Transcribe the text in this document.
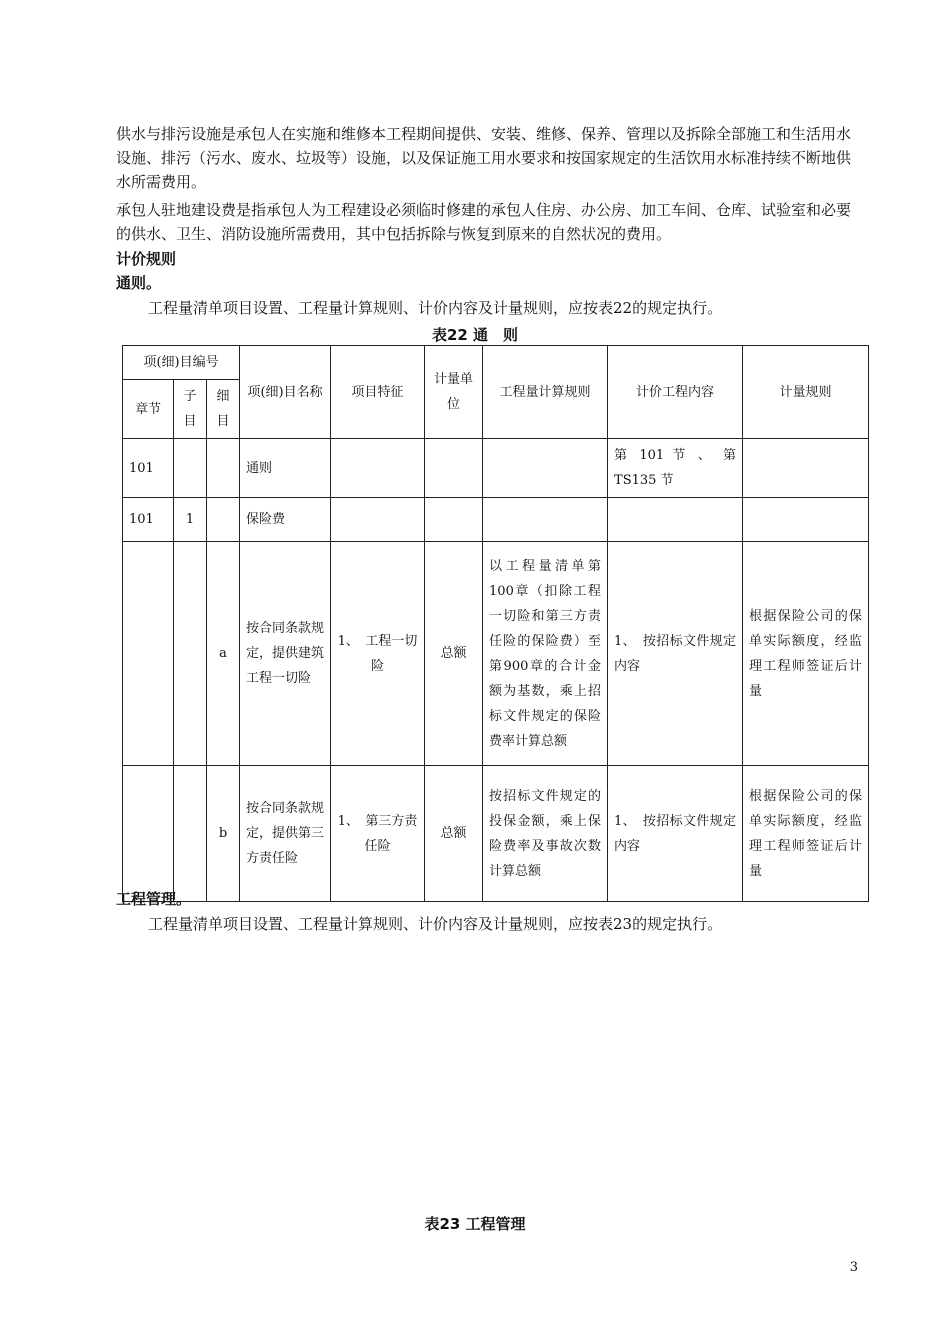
供水与排污设施是承包人在实施和维修本工程期间提供、安装、维修、保养、管理以及拆除全部施工和生活用水设施、排污（污水、废水、垃圾等）设施，以及保证施工用水要求和按国家规定的生活饮用水标准持续不断地供水所需费用。

承包人驻地建设费是指承包人为工程建设必须临时修建的承包人住房、办公房、加工车间、仓库、试验室和必要的供水、卫生、消防设施所需费用，其中包括拆除与恢复到原来的自然状况的费用。

计价规则

通则。

工程量清单项目设置、工程量计算规则、计价内容及计量规则，应按表22的规定执行。

表22 通　则
项(细)目编号			项(细)目名称	项目特征	计量单位	工程量计算规则	计价工程内容	计量规则
章节	子目	细目						
101			通则				第 101 节 、 第 TS135 节	
101	1		保险费					
		a	按合同条款规定，提供建筑工程一切险	1、　工程一切险	总额	以工程量清单第100章（扣除工程一切险和第三方责任险的保险费）至第900章的合计金额为基数，乘上招标文件规定的保险费率计算总额	1、　按招标文件规定内容	根据保险公司的保单实际额度，经监理工程师签证后计量
		b	按合同条款规定，提供第三方责任险	1、　第三方责任险	总额	按招标文件规定的投保金额，乘上保险费率及事故次数计算总额	1、　按招标文件规定内容	根据保险公司的保单实际额度，经监理工程师签证后计量

工程管理。

工程量清单项目设置、工程量计算规则、计价内容及计量规则，应按表23的规定执行。

表23 工程管理
3
